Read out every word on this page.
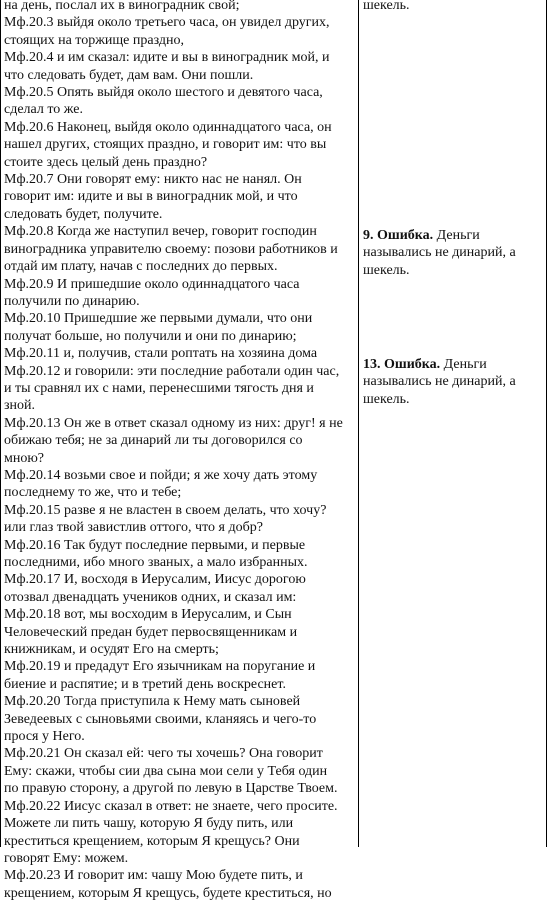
на день, послал их в виноградник свой;
Мф.20.3 выйдя около третьего часа, он увидел других,
стоящих на торжище праздно,
Мф.20.4 и им сказал: идите и вы в виноградник мой, и
что следовать будет, дам вам. Они пошли.
Мф.20.5 Опять выйдя около шестого и девятого часа,
сделал то же.
Мф.20.6 Наконец, выйдя около одиннадцатого часа, он
нашел других, стоящих праздно, и говорит им: что вы
стоите здесь целый день праздно?
Мф.20.7 Они говорят ему: никто нас не нанял. Он
говорит им: идите и вы в виноградник мой, и что
следовать будет, получите.
Мф.20.8 Когда же наступил вечер, говорит господин
виноградника управителю своему: позови работников и
отдай им плату, начав с последних до первых.
Мф.20.9 И пришедшие около одиннадцатого часа
получили по динарию.
Мф.20.10 Пришедшие же первыми думали, что они
получат больше, но получили и они по динарию;
Мф.20.11 и, получив, стали роптать на хозяина дома
Мф.20.12 и говорили: эти последние работали один час,
и ты сравнял их с нами, перенесшими тягость дня и
зной.
Мф.20.13 Он же в ответ сказал одному из них: друг! я не
обижаю тебя; не за динарий ли ты договорился со
мною?
Мф.20.14 возьми свое и пойди; я же хочу дать этому
последнему то же, что и тебе;
Мф.20.15 разве я не властен в своем делать, что хочу?
или глаз твой завистлив оттого, что я добр?
Мф.20.16 Так будут последние первыми, и первые
последними, ибо много званых, а мало избранных.
Мф.20.17 И, восходя в Иерусалим, Иисус дорогою
отозвал двенадцать учеников одних, и сказал им:
Мф.20.18 вот, мы восходим в Иерусалим, и Сын
Человеческий предан будет первосвященникам и
книжникам, и осудят Его на смерть;
Мф.20.19 и предадут Его язычникам на поругание и
биение и распятие; и в третий день воскреснет.
Мф.20.20 Тогда приступила к Нему мать сыновей
Зеведеевых с сыновьями своими, кланяясь и чего-то
прося у Него.
Мф.20.21 Он сказал ей: чего ты хочешь? Она говорит
Ему: скажи, чтобы сии два сына мои сели у Тебя один
по правую сторону, а другой по левую в Царстве Твоем.
Мф.20.22 Иисус сказал в ответ: не знаете, чего просите.
Можете ли пить чашу, которую Я буду пить, или
креститься крещением, которым Я крещусь? Они
говорят Ему: можем.
Мф.20.23 И говорит им: чашу Мою будете пить, и
крещением, которым Я крещусь, будете креститься, но
шекель.
9. Ошибка. Деньги
назывались не динарий, а
шекель.
13. Ошибка. Деньги
назывались не динарий, а
шекель.
